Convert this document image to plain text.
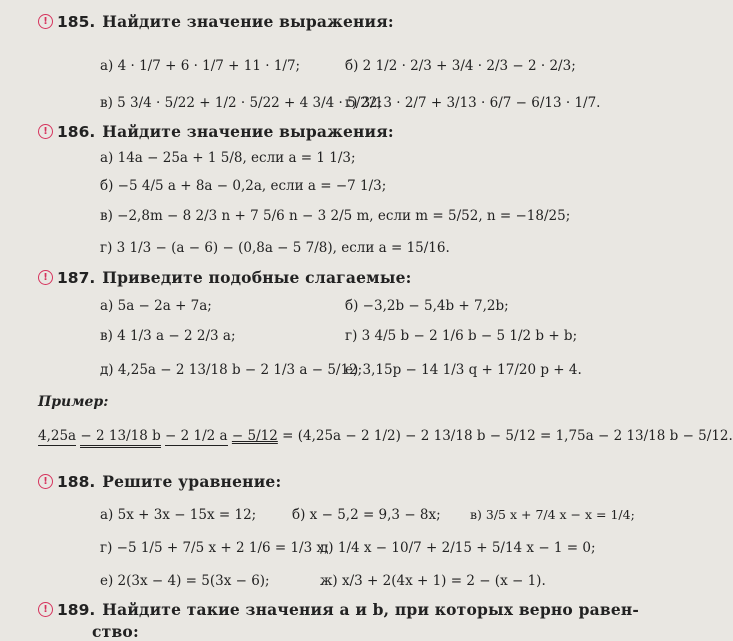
! 185. Найдите значение выражения:
а) 4 · 1/7 + 6 · 1/7 + 11 · 1/7;	б) 2 1/2 · 2/3 + 3/4 · 2/3 − 2 · 2/3;
в) 5 3/4 · 5/22 + 1/2 · 5/22 + 4 3/4 · 5/22;
г) 3/13 · 2/7 + 3/13 · 6/7 − 6/13 · 1/7.
! 186. Найдите значение выражения:
а) 14a − 25a + 1 5/8, если a = 1 1/3;
б) −5 4/5 a + 8a − 0,2a, если a = −7 1/3;
в) −2,8m − 8 2/3 n + 7 5/6 n − 3 2/5 m, если m = 5/52, n = −18/25;
г) 3 1/3 − (a − 6) − (0,8a − 5 7/8), если a = 15/16.
! 187. Приведите подобные слагаемые:
а) 5a − 2a + 7a;	б) −3,2b − 5,4b + 7,2b;
в) 4 1/3 a − 2 2/3 a;	г) 3 4/5 b − 2 1/6 b − 5 1/2 b + b;
д) 4,25a − 2 13/18 b − 2 1/3 a − 5/12;
е) 3,15p − 14 1/3 q + 17/20 p + 4.
Пример:
4,25a − 2 13/18 b − 2 1/2 a − 5/12 = (4,25a − 2 1/2) − 2 13/18 b − 5/12 = 1,75a − 2 13/18 b − 5/12.
! 188. Решите уравнение:
а) 5x + 3x − 15x = 12;	б) x − 5,2 = 9,3 − 8x; в) 3/5 x + 7/4 x − x = 1/4;
г) −5 1/5 + 7/5 x + 2 1/6 = 1/3 x;
д) 1/4 x − 10/7 + 2/15 + 5/14 x − 1 = 0;
е) 2(3x − 4) = 5(3x − 6);	ж) x/3 + 2(4x + 1) = 2 − (x − 1).
! 189. Найдите такие значения a и b, при которых верно равен-
ство:
